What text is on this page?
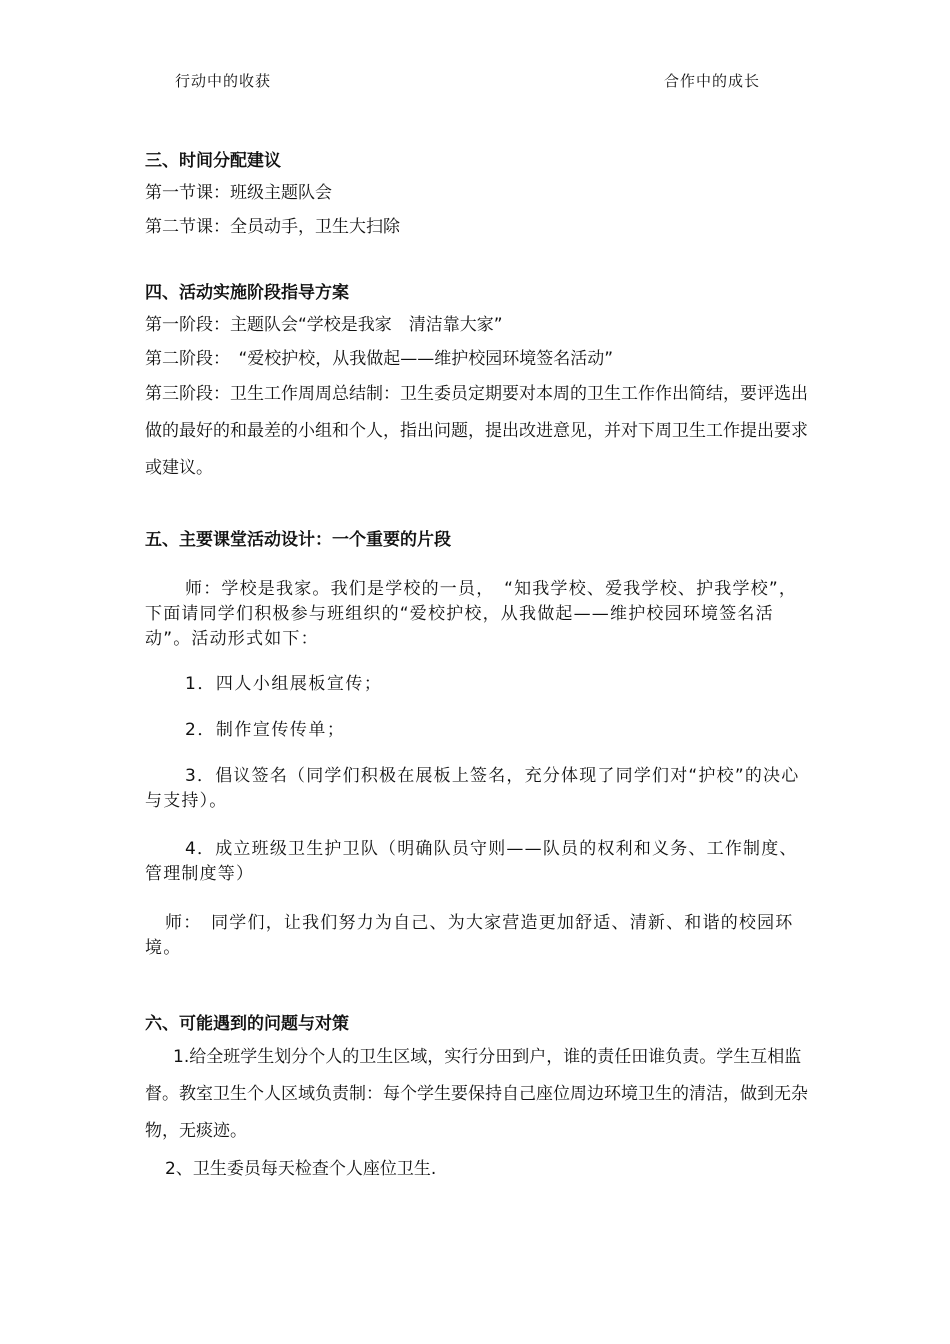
行动中的收获	合作中的成长

三、时间分配建议

第一节课：班级主题队会

第二节课：全员动手，卫生大扫除

四、活动实施阶段指导方案

第一阶段：主题队会“学校是我家　清洁靠大家”

第二阶段：　“爱校护校，从我做起——维护校园环境签名活动”

第三阶段：卫生工作周周总结制：卫生委员定期要对本周的卫生工作作出简结，要评选出做的最好的和最差的小组和个人，指出问题，提出改进意见，并对下周卫生工作提出要求或建议。

五、主要课堂活动设计：一个重要的片段

师：学校是我家。我们是学校的一员，　“知我学校、爱我学校、护我学校”，下面请同学们积极参与班组织的“爱校护校，从我做起——维护校园环境签名活动”。活动形式如下：

1．四人小组展板宣传；

2．制作宣传传单；

3．倡议签名（同学们积极在展板上签名，充分体现了同学们对“护校”的决心与支持）。

4．成立班级卫生护卫队（明确队员守则——队员的权利和义务、工作制度、管理制度等）

师：　同学们，让我们努力为自己、为大家营造更加舒适、清新、和谐的校园环境。

六、可能遇到的问题与对策

1.给全班学生划分个人的卫生区域，实行分田到户，谁的责任田谁负责。学生互相监督。教室卫生个人区域负责制：每个学生要保持自己座位周边环境卫生的清洁，做到无杂物，无痰迹。

2、卫生委员每天检查个人座位卫生.
